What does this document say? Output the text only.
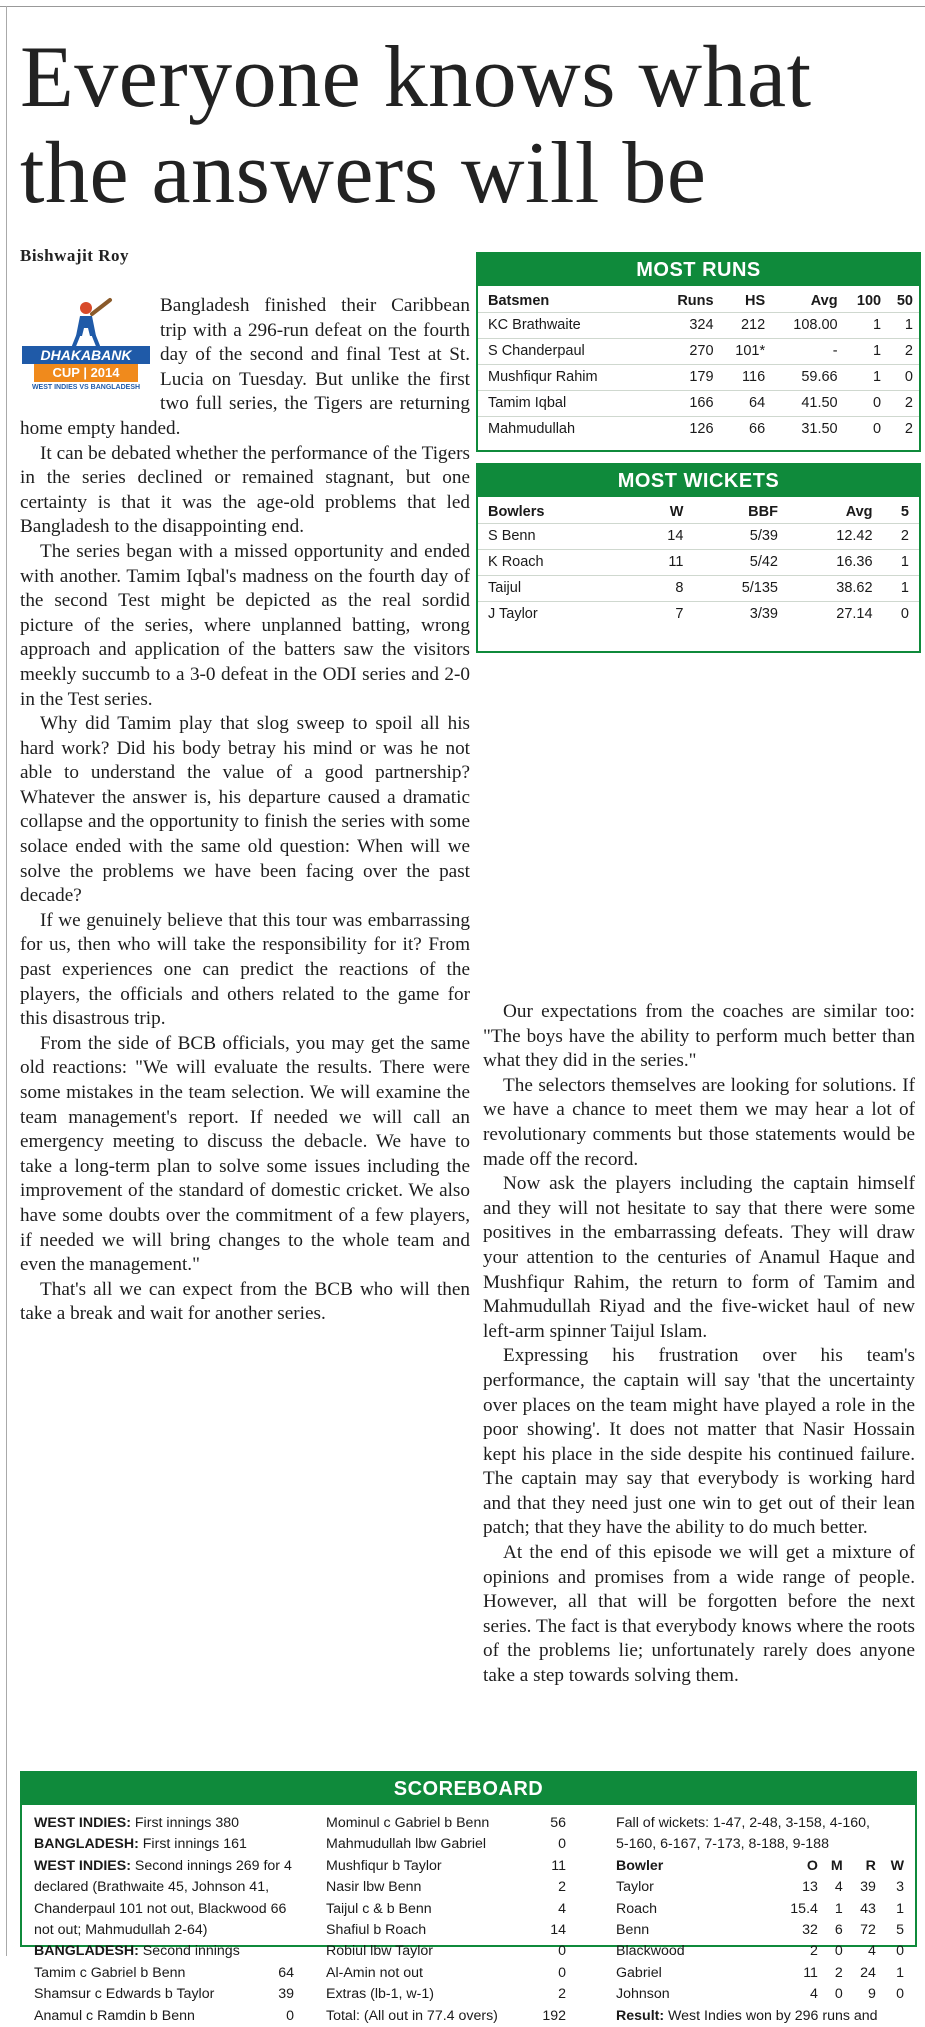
Everyone knows what the answers will be
Bishwajit Roy
DHAKABANK
CUP | 2014
WEST INDIES VS BANGLADESH

Bangladesh finished their Caribbean trip with a 296-run defeat on the fourth day of the second and final Test at St. Lucia on Tuesday. But unlike the first two full series, the Tigers are returning home empty handed.

It can be debated whether the performance of the Tigers in the series declined or remained stagnant, but one certainty is that it was the age-old problems that led Bangladesh to the disappointing end.

The series began with a missed opportunity and ended with another. Tamim Iqbal's madness on the fourth day of the second Test might be depicted as the real sordid picture of the series, where unplanned batting, wrong approach and application of the batters saw the visitors meekly succumb to a 3-0 defeat in the ODI series and 2-0 in the Test series.

Why did Tamim play that slog sweep to spoil all his hard work? Did his body betray his mind or was he not able to understand the value of a good partnership? Whatever the answer is, his departure caused a dramatic collapse and the opportunity to finish the series with some solace ended with the same old question: When will we solve the problems we have been facing over the past decade?

If we genuinely believe that this tour was embarrassing for us, then who will take the responsibility for it? From past experiences one can predict the reactions of the players, the officials and others related to the game for this disastrous trip.

From the side of BCB officials, you may get the same old reactions: "We will evaluate the results. There were some mistakes in the team selection. We will examine the team management's report. If needed we will call an emergency meeting to discuss the debacle. We have to take a long-term plan to solve some issues including the improvement of the standard of domestic cricket. We also have some doubts over the commitment of a few players, if needed we will bring changes to the whole team and even the management."

That's all we can expect from the BCB who will then take a break and wait for another series.

MOST RUNS
Batsmen	Runs	HS	Avg	100	50
KC Brathwaite	324	212	108.00	1	1
S Chanderpaul	270	101*	-	1	2
Mushfiqur Rahim	179	116	59.66	1	0
Tamim Iqbal	166	64	41.50	0	2
Mahmudullah	126	66	31.50	0	2
MOST WICKETS
Bowlers	W	BBF	Avg	5
S Benn	14	5/39	12.42	2
K Roach	11	5/42	16.36	1
Taijul	8	5/135	38.62	1
J Taylor	7	3/39	27.14	0

Our expectations from the coaches are similar too: "The boys have the ability to perform much better than what they did in the series."

The selectors themselves are looking for solutions. If we have a chance to meet them we may hear a lot of revolutionary comments but those statements would be made off the record.

Now ask the players including the captain himself and they will not hesitate to say that there were some positives in the embarrassing defeats. They will draw your attention to the centuries of Anamul Haque and Mushfiqur Rahim, the return to form of Tamim and Mahmudullah Riyad and the five-wicket haul of new left-arm spinner Taijul Islam.

Expressing his frustration over his team's performance, the captain will say 'that the uncertainty over places on the team might have played a role in the poor showing'. It does not matter that Nasir Hossain kept his place in the side despite his continued failure. The captain may say that everybody is working hard and that they need just one win to get out of their lean patch; that they have the ability to do much better.

At the end of this episode we will get a mixture of opinions and promises from a wide range of people. However, all that will be forgotten before the next series. The fact is that everybody knows where the roots of the problems lie; unfortunately rarely does anyone take a step towards solving them.

SCOREBOARD
WEST INDIES: First innings 380
BANGLADESH: First innings 161
WEST INDIES: Second innings 269 for 4
declared (Brathwaite 45, Johnson 41,
Chanderpaul 101 not out, Blackwood 66
not out; Mahmudullah 2-64)
BANGLADESH: Second innings
Tamim c Gabriel b Benn	64
Shamsur c Edwards b Taylor	39
Anamul c Ramdin b Benn	0
Mominul c Gabriel b Benn	56
Mahmudullah lbw Gabriel	0
Mushfiqur b Taylor	11
Nasir lbw Benn	2
Taijul c & b Benn	4
Shafiul b Roach	14
Robiul lbw Taylor	0
Al-Amin not out	0
Extras (lb-1, w-1)	2
Total: (All out in 77.4 overs)	192
Fall of wickets: 1-47, 2-48, 3-158, 4-160,
5-160, 6-167, 7-173, 8-188, 9-188
Bowler	O	M	R	W
Taylor	13	4	39	3
Roach	15.4	1	43	1
Benn	32	6	72	5
Blackwood	2	0	4	0
Gabriel	11	2	24	1
Johnson	4	0	9	0
Result: West Indies won by 296 runs and
